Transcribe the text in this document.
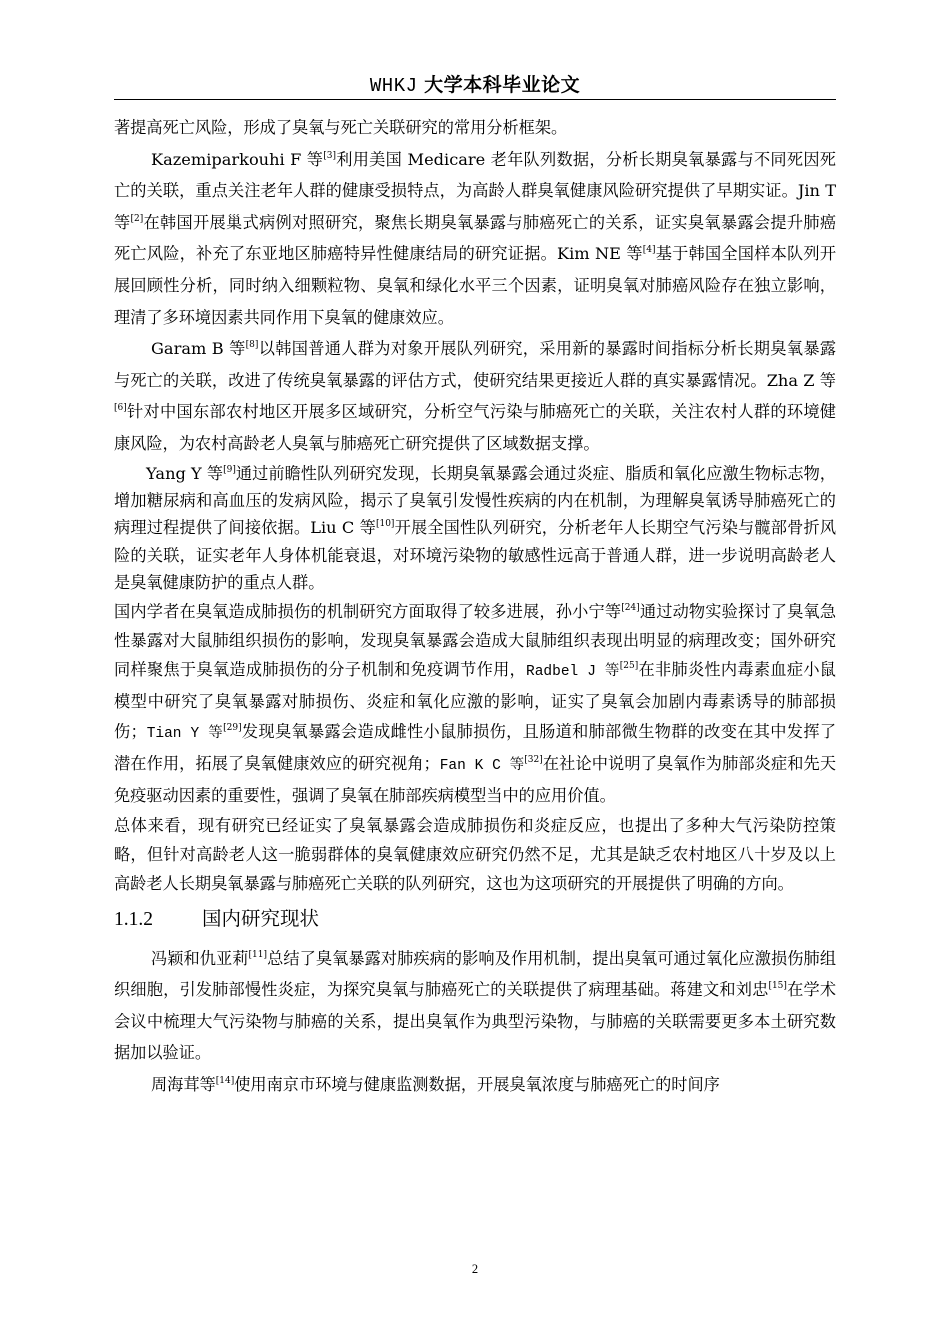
WHKJ 大学本科毕业论文

著提高死亡风险，形成了臭氧与死亡关联研究的常用分析框架。

Kazemiparkouhi F 等[3]利用美国 Medicare 老年队列数据，分析长期臭氧暴露与不同死因死亡的关联，重点关注老年人群的健康受损特点，为高龄人群臭氧健康风险研究提供了早期实证。Jin T 等[2]在韩国开展巢式病例对照研究，聚焦长期臭氧暴露与肺癌死亡的关系，证实臭氧暴露会提升肺癌死亡风险，补充了东亚地区肺癌特异性健康结局的研究证据。Kim NE 等[4]基于韩国全国样本队列开展回顾性分析，同时纳入细颗粒物、臭氧和绿化水平三个因素，证明臭氧对肺癌风险存在独立影响，理清了多环境因素共同作用下臭氧的健康效应。

Garam B 等[8]以韩国普通人群为对象开展队列研究，采用新的暴露时间指标分析长期臭氧暴露与死亡的关联，改进了传统臭氧暴露的评估方式，使研究结果更接近人群的真实暴露情况。Zha Z 等[6]针对中国东部农村地区开展多区域研究，分析空气污染与肺癌死亡的关联，关注农村人群的环境健康风险，为农村高龄老人臭氧与肺癌死亡研究提供了区域数据支撑。

Yang Y 等[9]通过前瞻性队列研究发现，长期臭氧暴露会通过炎症、脂质和氧化应激生物标志物，增加糖尿病和高血压的发病风险，揭示了臭氧引发慢性疾病的内在机制，为理解臭氧诱导肺癌死亡的病理过程提供了间接依据。Liu C 等[10]开展全国性队列研究，分析老年人长期空气污染与髋部骨折风险的关联，证实老年人身体机能衰退，对环境污染物的敏感性远高于普通人群，进一步说明高龄老人是臭氧健康防护的重点人群。

国内学者在臭氧造成肺损伤的机制研究方面取得了较多进展，孙小宁等[24]通过动物实验探讨了臭氧急性暴露对大鼠肺组织损伤的影响，发现臭氧暴露会造成大鼠肺组织表现出明显的病理改变；国外研究同样聚焦于臭氧造成肺损伤的分子机制和免疫调节作用，Radbel J 等[25]在非肺炎性内毒素血症小鼠模型中研究了臭氧暴露对肺损伤、炎症和氧化应激的影响，证实了臭氧会加剧内毒素诱导的肺部损伤；Tian Y 等[29]发现臭氧暴露会造成雌性小鼠肺损伤，且肠道和肺部微生物群的改变在其中发挥了潜在作用，拓展了臭氧健康效应的研究视角；Fan K C 等[32]在社论中说明了臭氧作为肺部炎症和先天免疫驱动因素的重要性，强调了臭氧在肺部疾病模型当中的应用价值。

总体来看，现有研究已经证实了臭氧暴露会造成肺损伤和炎症反应，也提出了多种大气污染防控策略，但针对高龄老人这一脆弱群体的臭氧健康效应研究仍然不足，尤其是缺乏农村地区八十岁及以上高龄老人长期臭氧暴露与肺癌死亡关联的队列研究，这也为这项研究的开展提供了明确的方向。

1.1.2	国内研究现状

冯颖和仇亚莉[11]总结了臭氧暴露对肺疾病的影响及作用机制，提出臭氧可通过氧化应激损伤肺组织细胞，引发肺部慢性炎症，为探究臭氧与肺癌死亡的关联提供了病理基础。蒋建文和刘忠[15]在学术会议中梳理大气污染物与肺癌的关系，提出臭氧作为典型污染物，与肺癌的关联需要更多本土研究数据加以验证。

周海茸等[14]使用南京市环境与健康监测数据，开展臭氧浓度与肺癌死亡的时间序

2
